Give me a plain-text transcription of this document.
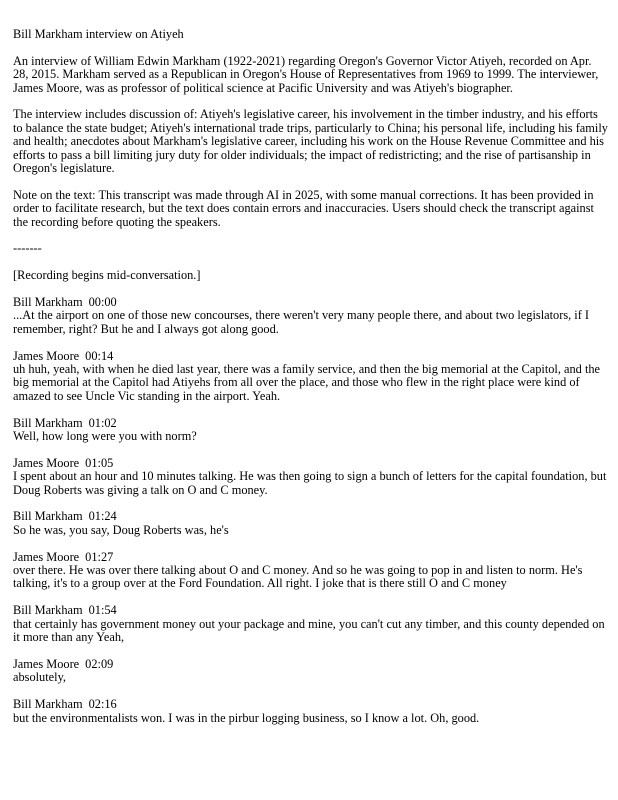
Bill Markham interview on Atiyeh

An interview of William Edwin Markham (1922-2021) regarding Oregon's Governor Victor Atiyeh, recorded on Apr. 28, 2015. Markham served as a Republican in Oregon's House of Representatives from 1969 to 1999. The interviewer, James Moore, was as professor of political science at Pacific University and was Atiyeh's biographer.

The interview includes discussion of: Atiyeh's legislative career, his involvement in the timber industry, and his efforts to balance the state budget; Atiyeh's international trade trips, particularly to China; his personal life, including his family and health; anecdotes about Markham's legislative career, including his work on the House Revenue Committee and his efforts to pass a bill limiting jury duty for older individuals; the impact of redistricting; and the rise of partisanship in Oregon's legislature.

Note on the text: This transcript was made through AI in 2025, with some manual corrections. It has been provided in order to facilitate research, but the text does contain errors and inaccuracies. Users should check the transcript against the recording before quoting the speakers.

-------

[Recording begins mid-conversation.]

Bill Markham 00:00
...At the airport on one of those new concourses, there weren't very many people there, and about two legislators, if I remember, right? But he and I always got along good.
James Moore 00:14
uh huh, yeah, with when he died last year, there was a family service, and then the big memorial at the Capitol, and the big memorial at the Capitol had Atiyehs from all over the place, and those who flew in the right place were kind of amazed to see Uncle Vic standing in the airport. Yeah.
Bill Markham 01:02
Well, how long were you with norm?
James Moore 01:05
I spent about an hour and 10 minutes talking. He was then going to sign a bunch of letters for the capital foundation, but Doug Roberts was giving a talk on O and C money.
Bill Markham 01:24
So he was, you say, Doug Roberts was, he's
James Moore 01:27
over there. He was over there talking about O and C money. And so he was going to pop in and listen to norm. He's talking, it's to a group over at the Ford Foundation. All right. I joke that is there still O and C money
Bill Markham 01:54
that certainly has government money out your package and mine, you can't cut any timber, and this county depended on it more than any Yeah,
James Moore 02:09
absolutely,
Bill Markham 02:16
but the environmentalists won. I was in the pirbur logging business, so I know a lot. Oh, good.
